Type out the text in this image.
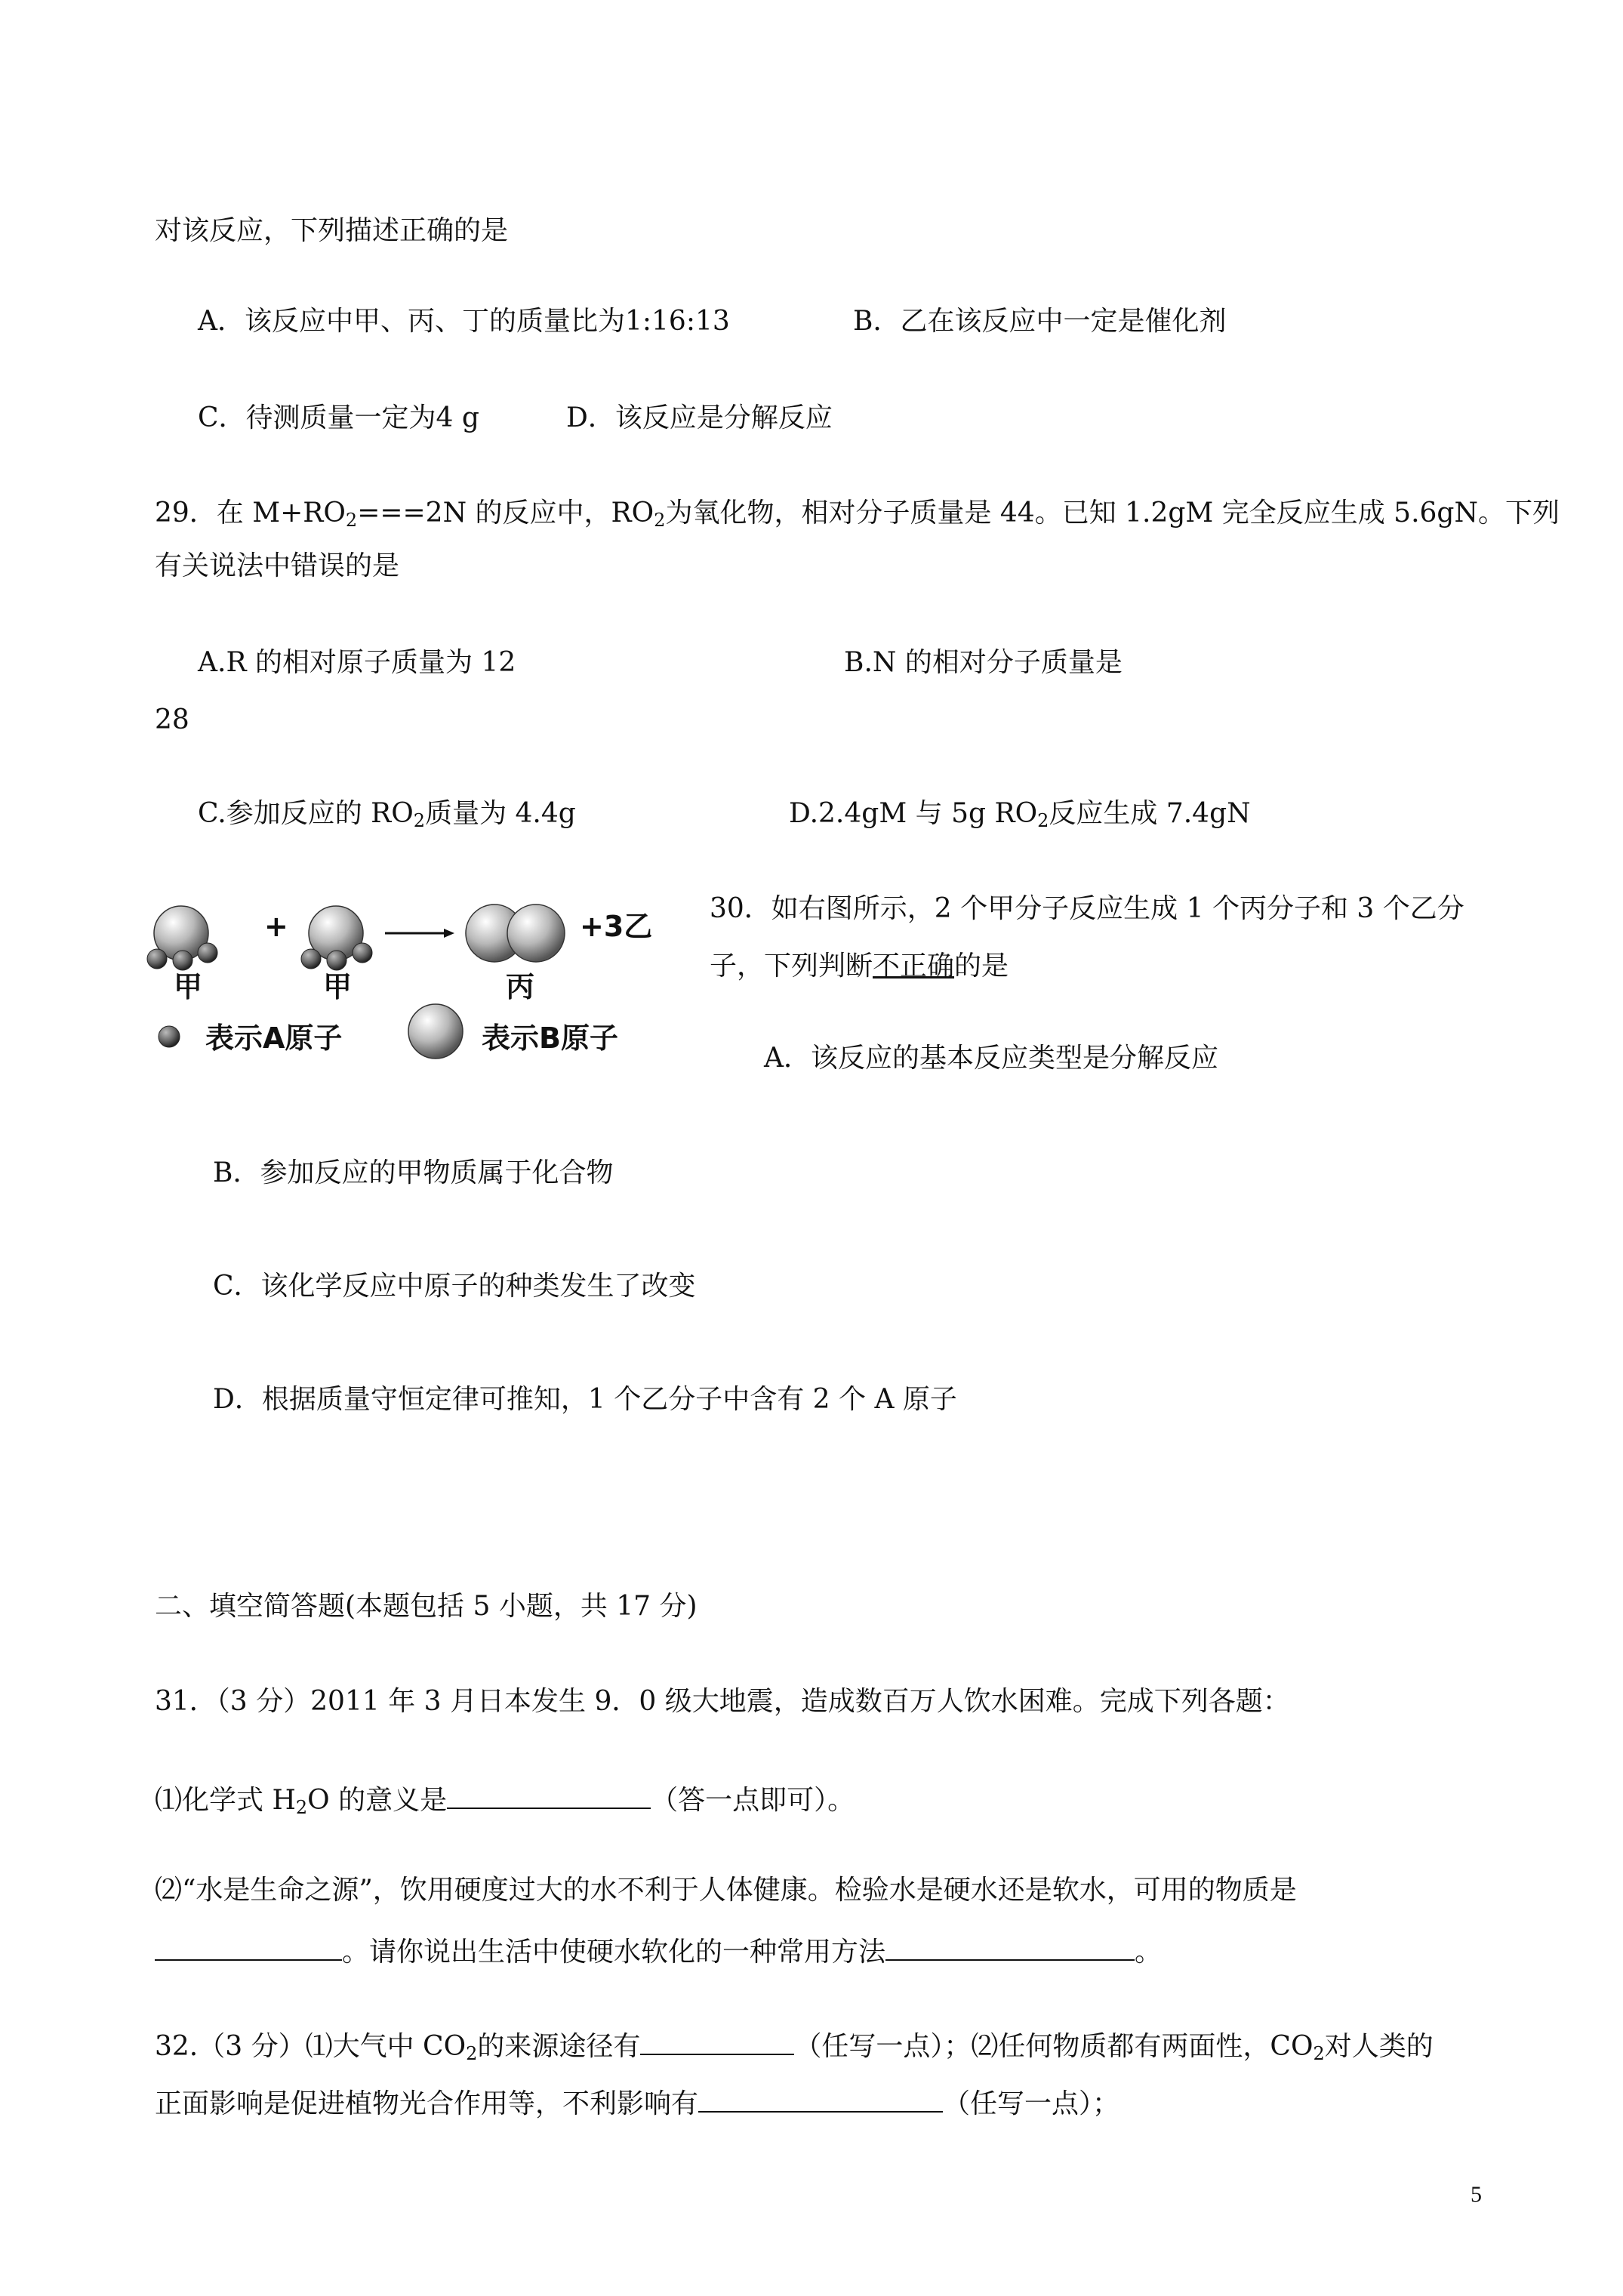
对该反应，下列描述正确的是
A．该反应中甲、丙、丁的质量比为1:16:13	B．乙在该反应中一定是催化剂
C．待测质量一定为4 g	D．该反应是分解反应
29．在 $M+RO_2===2N$ 的反应中，$RO_2$为氧化物，相对分子质量是 44。已知 1.2gM 完全反应生成 5.6gN。下列
有关说法中错误的是
A.R 的相对原子质量为 12	B.N 的相对分子质量是
28
C.参加反应的 $RO_2$质量为 4.4g	D.2.4gM 与 5g $RO_2$反应生成 7.4gN
+	+3乙
甲	甲	丙
表示A原子	表示B原子
30．如右图所示，2 个甲分子反应生成 1 个丙分子和 3 个乙分
子，下列判断不正确的是
A．该反应的基本反应类型是分解反应
B．参加反应的甲物质属于化合物
C．该化学反应中原子的种类发生了改变
D．根据质量守恒定律可推知，1 个乙分子中含有 2 个 A 原子
二、填空简答题(本题包括 5 小题，共 17 分)
31．（3 分）2011 年 3 月日本发生 9．0 级大地震，造成数百万人饮水困难。完成下列各题：
⑴化学式 $H_2O$ 的意义是	（答一点即可）。
⑵“水是生命之源”，饮用硬度过大的水不利于人体健康。检验水是硬水还是软水，可用的物质是
。请你说出生活中使硬水软化的一种常用方法	。
32.（3 分）⑴大气中 $CO_2$的来源途径有	（任写一点）；⑵任何物质都有两面性，$CO_2$对人类的
正面影响是促进植物光合作用等，不利影响有	（任写一点）；
5
